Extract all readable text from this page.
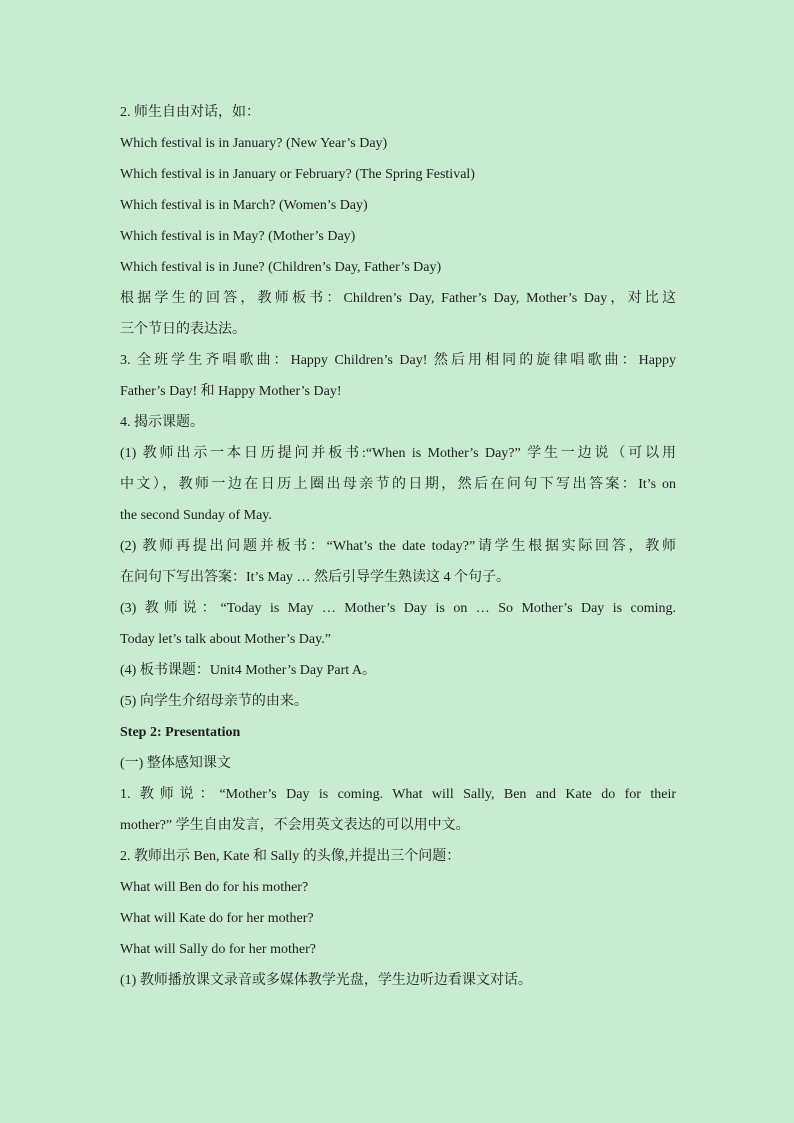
2. 师生自由对话，如：
Which festival is in January? (New Year’s Day)
Which festival is in January or February? (The Spring Festival)
Which festival is in March? (Women’s Day)
Which festival is in May? (Mother’s Day)
Which festival is in June? (Children’s Day, Father’s Day)
根据学生的回答，教师板书：Children’s Day, Father’s Day, Mother’s Day，对比这
三个节日的表达法。
3. 全班学生齐唱歌曲：Happy Children’s Day! 然后用相同的旋律唱歌曲：Happy
Father’s Day! 和 Happy Mother’s Day!
4. 揭示课题。
(1) 教师出示一本日历提问并板书:“When is Mother’s Day?” 学生一边说（可以用
中文），教师一边在日历上圈出母亲节的日期，然后在问句下写出答案：It’s on
the second Sunday of May.
(2) 教师再提出问题并板书：“What’s the date today?”请学生根据实际回答，教师
在问句下写出答案：It’s May … 然后引导学生熟读这 4 个句子。
(3) 教师说：“Today is May … Mother’s Day is on … So Mother’s Day is coming.
Today let’s talk about Mother’s Day.”
(4) 板书课题：Unit4 Mother’s Day Part A。
(5) 向学生介绍母亲节的由来。
Step 2: Presentation
(一) 整体感知课文
1. 教师说：“Mother’s Day is coming. What will Sally, Ben and Kate do for their
mother?” 学生自由发言，不会用英文表达的可以用中文。
2. 教师出示 Ben, Kate 和 Sally 的头像,并提出三个问题：
What will Ben do for his mother?
What will Kate do for her mother?
What will Sally do for her mother?
(1) 教师播放课文录音或多媒体教学光盘，学生边听边看课文对话。
